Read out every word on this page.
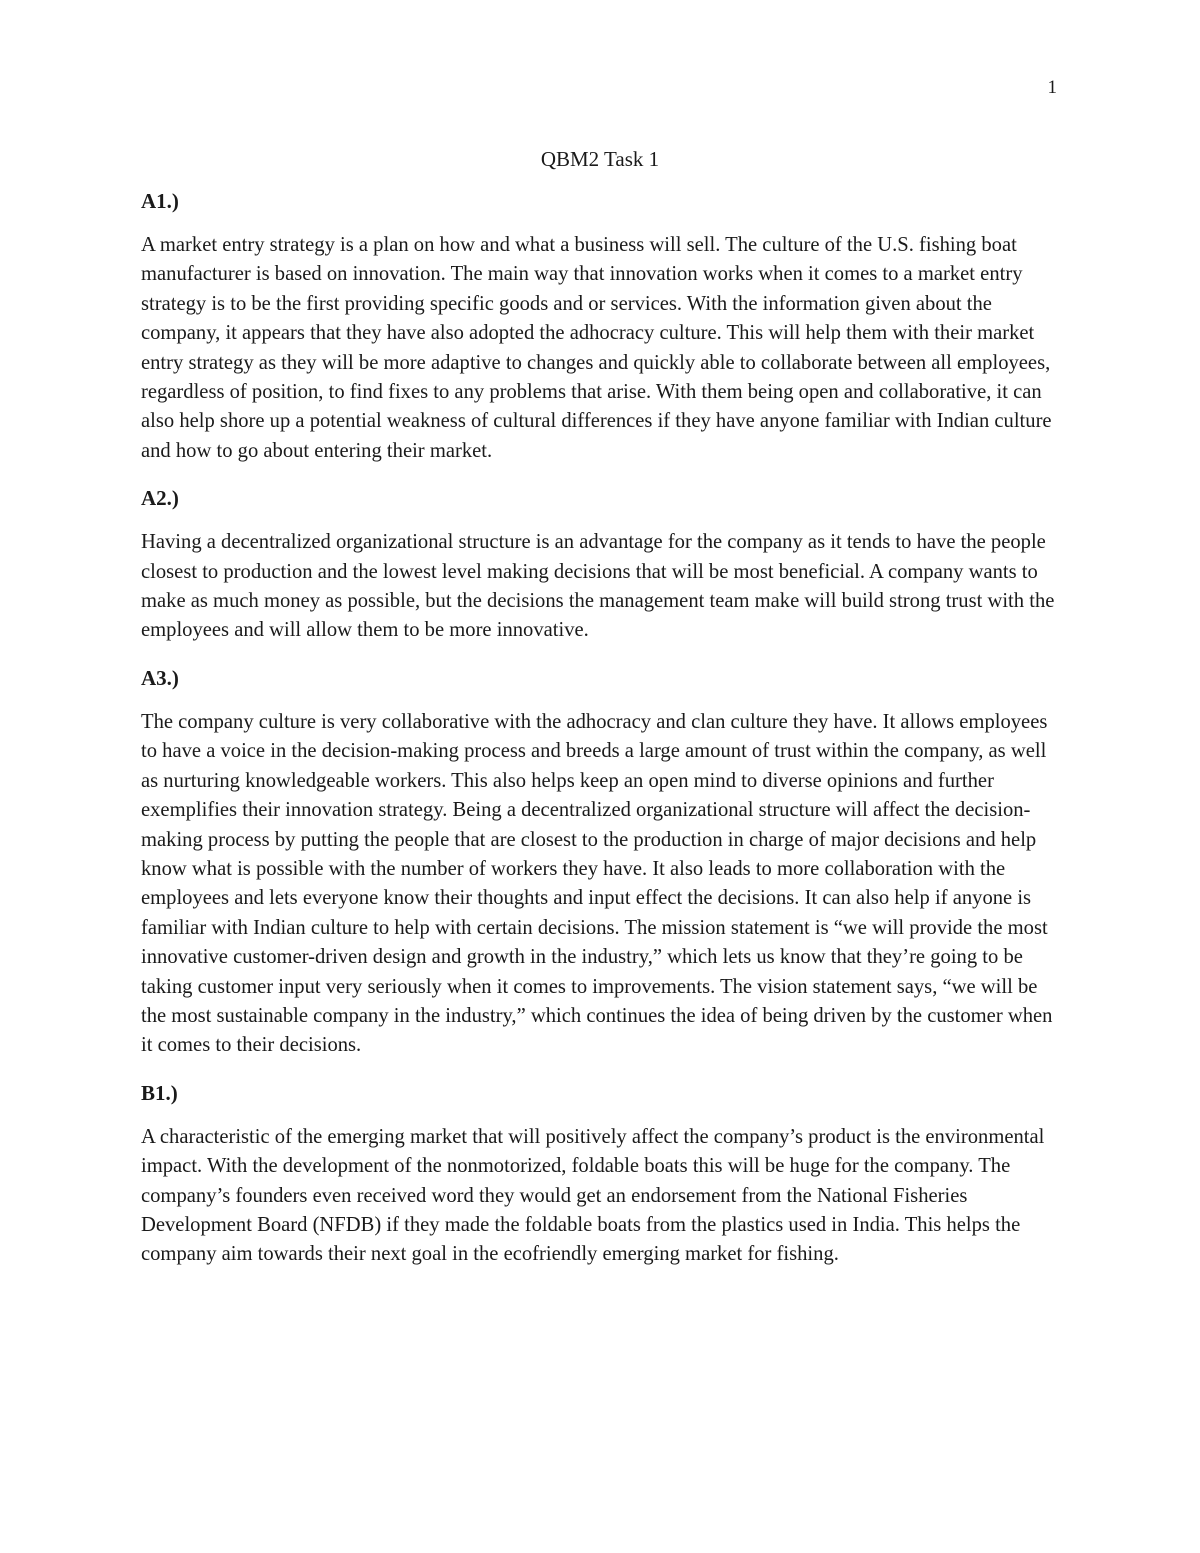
1
QBM2 Task 1
A1.)

A market entry strategy is a plan on how and what a business will sell. The culture of the U.S. fishing boat manufacturer is based on innovation. The main way that innovation works when it comes to a market entry strategy is to be the first providing specific goods and or services. With the information given about the company, it appears that they have also adopted the adhocracy culture. This will help them with their market entry strategy as they will be more adaptive to changes and quickly able to collaborate between all employees, regardless of position, to find fixes to any problems that arise. With them being open and collaborative, it can also help shore up a potential weakness of cultural differences if they have anyone familiar with Indian culture and how to go about entering their market.

A2.)

Having a decentralized organizational structure is an advantage for the company as it tends to have the people closest to production and the lowest level making decisions that will be most beneficial. A company wants to make as much money as possible, but the decisions the management team make will build strong trust with the employees and will allow them to be more innovative.

A3.)

The company culture is very collaborative with the adhocracy and clan culture they have. It allows employees to have a voice in the decision-making process and breeds a large amount of trust within the company, as well as nurturing knowledgeable workers. This also helps keep an open mind to diverse opinions and further exemplifies their innovation strategy. Being a decentralized organizational structure will affect the decision-making process by putting the people that are closest to the production in charge of major decisions and help know what is possible with the number of workers they have. It also leads to more collaboration with the employees and lets everyone know their thoughts and input effect the decisions. It can also help if anyone is familiar with Indian culture to help with certain decisions. The mission statement is “we will provide the most innovative customer-driven design and growth in the industry,” which lets us know that they’re going to be taking customer input very seriously when it comes to improvements. The vision statement says, “we will be the most sustainable company in the industry,” which continues the idea of being driven by the customer when it comes to their decisions.

B1.)

A characteristic of the emerging market that will positively affect the company’s product is the environmental impact. With the development of the nonmotorized, foldable boats this will be huge for the company. The company’s founders even received word they would get an endorsement from the National Fisheries Development Board (NFDB) if they made the foldable boats from the plastics used in India. This helps the company aim towards their next goal in the ecofriendly emerging market for fishing.
